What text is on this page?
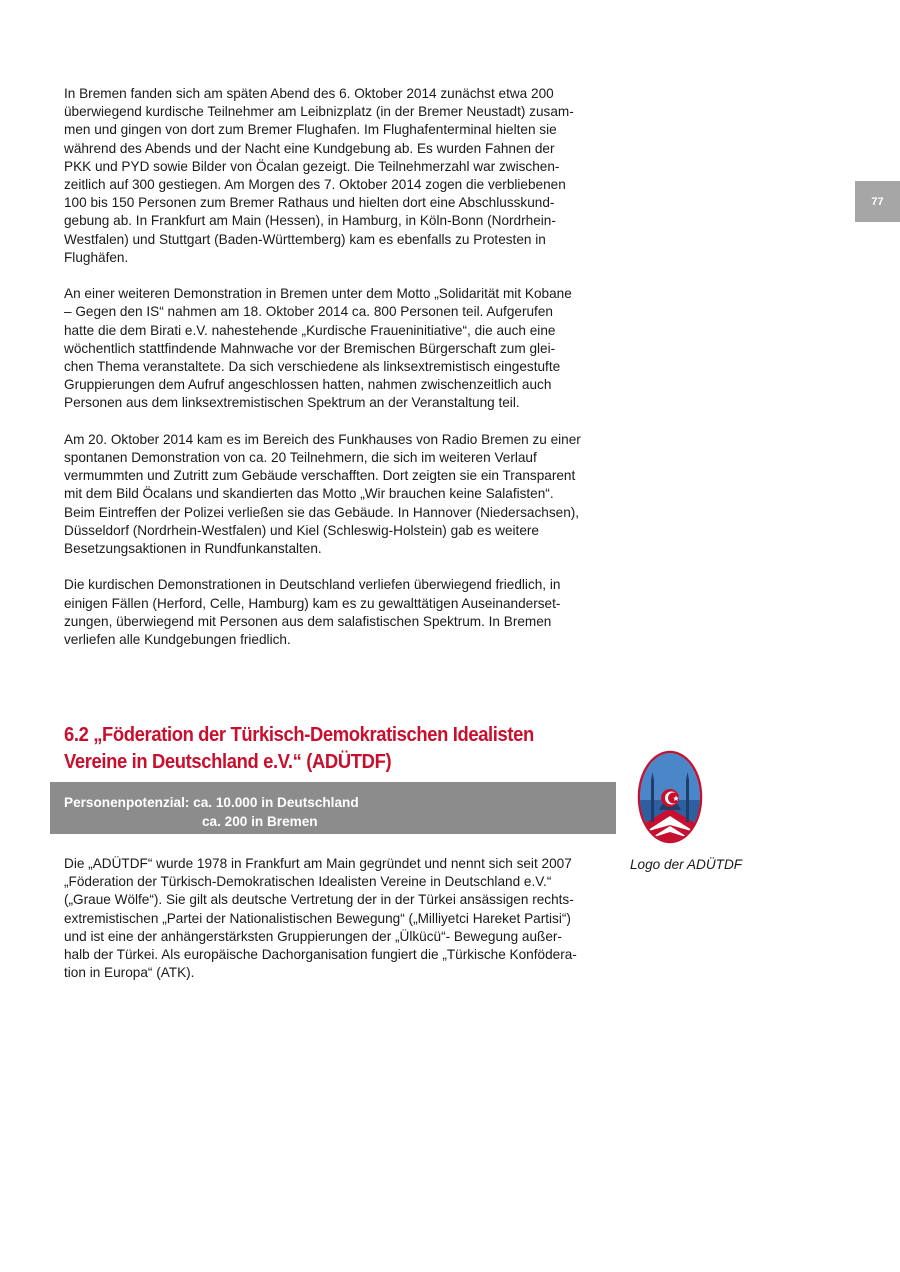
77

In Bremen fanden sich am späten Abend des 6. Oktober 2014 zunächst etwa 200
überwiegend kurdische Teilnehmer am Leibnizplatz (in der Bremer Neustadt) zusam-
men und gingen von dort zum Bremer Flughafen. Im Flughafenterminal hielten sie
während des Abends und der Nacht eine Kundgebung ab. Es wurden Fahnen der
PKK und PYD sowie Bilder von Öcalan gezeigt. Die Teilnehmerzahl war zwischen-
zeitlich auf 300 gestiegen. Am Morgen des 7. Oktober 2014 zogen die verbliebenen
100 bis 150 Personen zum Bremer Rathaus und hielten dort eine Abschlusskund-
gebung ab. In Frankfurt am Main (Hessen), in Hamburg, in Köln-Bonn (Nordrhein-
Westfalen) und Stuttgart (Baden-Württemberg) kam es ebenfalls zu Protesten in
Flughäfen.

An einer weiteren Demonstration in Bremen unter dem Motto „Solidarität mit Kobane
– Gegen den IS“ nahmen am 18. Oktober 2014 ca. 800 Personen teil. Aufgerufen
hatte die dem Birati e.V. nahestehende „Kurdische Fraueninitiative“, die auch eine
wöchentlich stattfindende Mahnwache vor der Bremischen Bürgerschaft zum glei-
chen Thema veranstaltete. Da sich verschiedene als linksextremistisch eingestufte
Gruppierungen dem Aufruf angeschlossen hatten, nahmen zwischenzeitlich auch
Personen aus dem linksextremistischen Spektrum an der Veranstaltung teil.

Am 20. Oktober 2014 kam es im Bereich des Funkhauses von Radio Bremen zu einer
spontanen Demonstration von ca. 20 Teilnehmern, die sich im weiteren Verlauf
vermummten und Zutritt zum Gebäude verschafften. Dort zeigten sie ein Transparent
mit dem Bild Öcalans und skandierten das Motto „Wir brauchen keine Salafisten“.
Beim Eintreffen der Polizei verließen sie das Gebäude. In Hannover (Niedersachsen),
Düsseldorf (Nordrhein-Westfalen) und Kiel (Schleswig-Holstein) gab es weitere
Besetzungsaktionen in Rundfunkanstalten.

Die kurdischen Demonstrationen in Deutschland verliefen überwiegend friedlich, in
einigen Fällen (Herford, Celle, Hamburg) kam es zu gewalttätigen Auseinanderset-
zungen, überwiegend mit Personen aus dem salafistischen Spektrum. In Bremen
verliefen alle Kundgebungen friedlich.

6.2 „Föderation der Türkisch-Demokratischen Idealisten
Vereine in Deutschland e.V.“ (ADÜTDF)
Personenpotenzial: ca. 10.000 in Deutschland
ca. 200 in Bremen

Die „ADÜTDF“ wurde 1978 in Frankfurt am Main gegründet und nennt sich seit 2007
„Föderation der Türkisch-Demokratischen Idealisten Vereine in Deutschland e.V.“
(„Graue Wölfe“). Sie gilt als deutsche Vertretung der in der Türkei ansässigen rechts-
extremistischen „Partei der Nationalistischen Bewegung“ („Milliyetci Hareket Partisi“)
und ist eine der anhängerstärksten Gruppierungen der „Ülkücü“- Bewegung außer-
halb der Türkei. Als europäische Dachorganisation fungiert die „Türkische Konfödera-
tion in Europa“ (ATK).

Logo der ADÜTDF
